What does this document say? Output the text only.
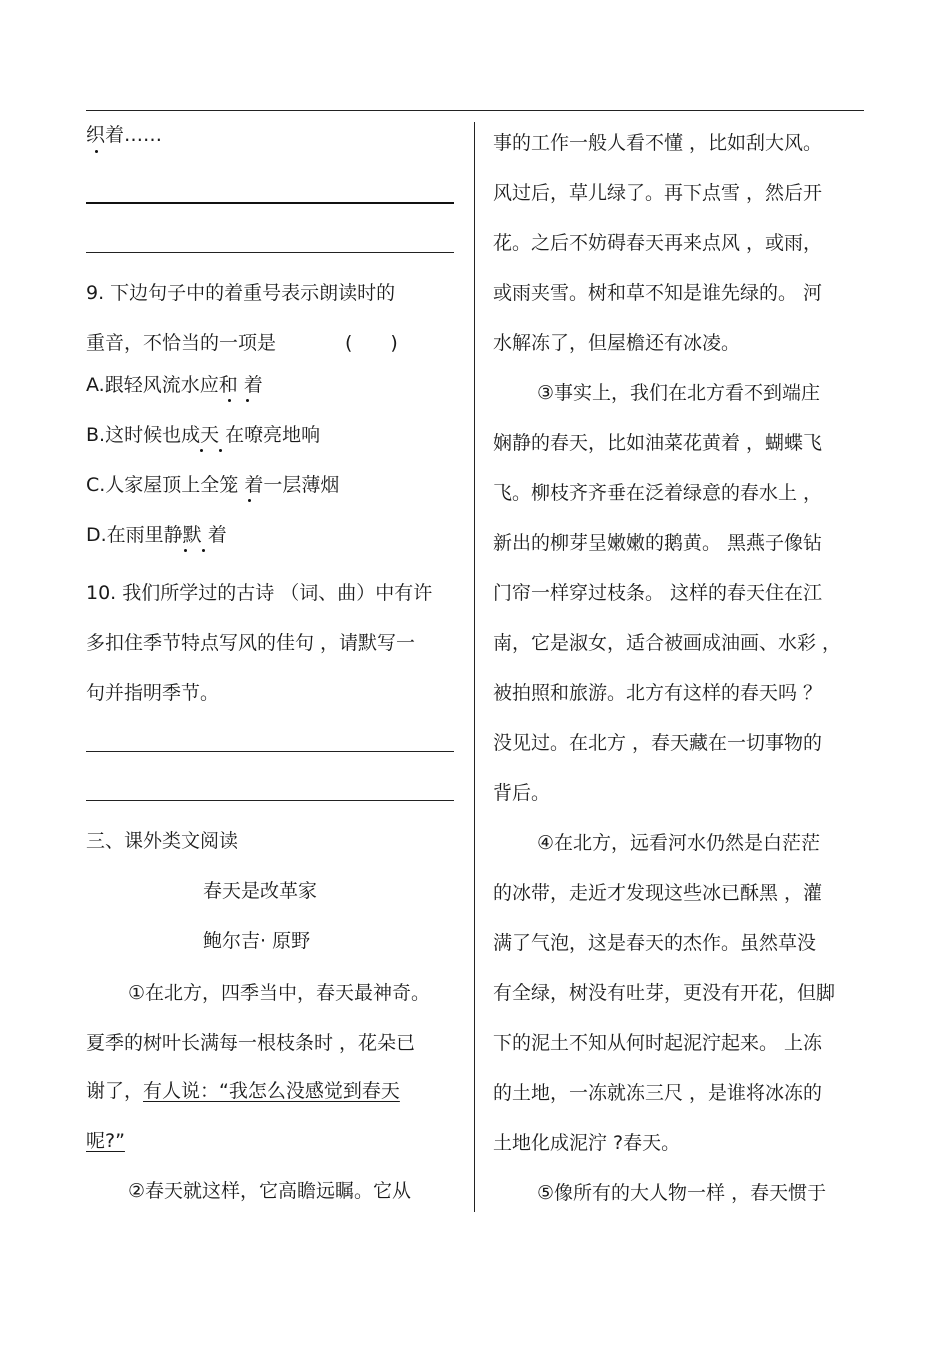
织着……
9. 下边句子中的着重号表示朗读时的
重音，不恰当的一项是	(　　)
A.跟轻风流水应和 着
B.这时候也成天 在嘹亮地响
C.人家屋顶上全笼 着一层薄烟
D.在雨里静默 着
10. 我们所学过的古诗 （词、曲）中有许
多扣住季节特点写风的佳句 ，请默写一
句并指明季节。
三、课外类文阅读
春天是改革家
鲍尔吉· 原野
①在北方，四季当中，春天最神奇。
夏季的树叶长满每一根枝条时 ，花朵已
谢了，有人说：“我怎么没感觉到春天
呢?”
②春天就这样，它高瞻远瞩。它从
事的工作一般人看不懂 ，比如刮大风。
风过后，草儿绿了。再下点雪 ，然后开
花。之后不妨碍春天再来点风 ，或雨，
或雨夹雪。树和草不知是谁先绿的。 河
水解冻了，但屋檐还有冰凌。
③事实上，我们在北方看不到端庄
娴静的春天，比如油菜花黄着 ，蝴蝶飞
飞。柳枝齐齐垂在泛着绿意的春水上 ，
新出的柳芽呈嫩嫩的鹅黄。 黑燕子像钻
门帘一样穿过枝条。 这样的春天住在江
南，它是淑女，适合被画成油画、水彩 ，
被拍照和旅游。北方有这样的春天吗 ？
没见过。在北方 ，春天藏在一切事物的
背后。
④在北方，远看河水仍然是白茫茫
的冰带，走近才发现这些冰已酥黑 ，灌
满了气泡，这是春天的杰作。虽然草没
有全绿，树没有吐芽，更没有开花，但脚
下的泥土不知从何时起泥泞起来。 上冻
的土地，一冻就冻三尺 ，是谁将冰冻的
土地化成泥泞 ?春天。
⑤像所有的大人物一样 ，春天惯于
